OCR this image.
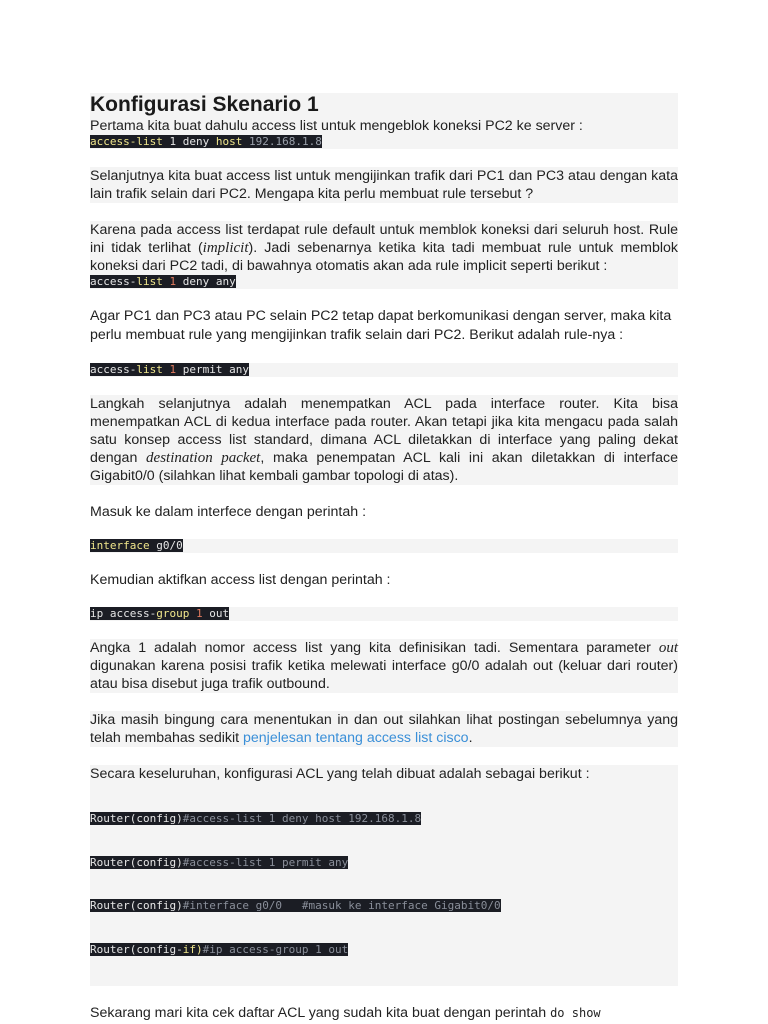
Konfigurasi Skenario 1

Pertama kita buat dahulu access list untuk mengeblok koneksi PC2 ke server :

access-list 1 deny host 192.168.1.8

Selanjutnya kita buat access list untuk mengijinkan trafik dari PC1 dan PC3 atau dengan kata lain trafik selain dari PC2. Mengapa kita perlu membuat rule tersebut ?

Karena pada access list terdapat rule default untuk memblok koneksi dari seluruh host. Rule ini tidak terlihat (implicit). Jadi sebenarnya ketika kita tadi membuat rule untuk memblok koneksi dari PC2 tadi, di bawahnya otomatis akan ada rule implicit seperti berikut :

access-list 1 deny any

Agar PC1 dan PC3 atau PC selain PC2 tetap dapat berkomunikasi dengan server, maka kita perlu membuat rule yang mengijinkan trafik selain dari PC2. Berikut adalah rule-nya :

access-list 1 permit any

Langkah selanjutnya adalah menempatkan ACL pada interface router. Kita bisa menempatkan ACL di kedua interface pada router. Akan tetapi jika kita mengacu pada salah satu konsep access list standard, dimana ACL diletakkan di interface yang paling dekat dengan destination packet, maka penempatan ACL kali ini akan diletakkan di interface Gigabit0/0 (silahkan lihat kembali gambar topologi di atas).

Masuk ke dalam interfece dengan perintah :

interface g0/0

Kemudian aktifkan access list dengan perintah :

ip access-group 1 out

Angka 1 adalah nomor access list yang kita definisikan tadi. Sementara parameter out digunakan karena posisi trafik ketika melewati interface g0/0 adalah out (keluar dari router) atau bisa disebut juga trafik outbound.

Jika masih bingung cara menentukan in dan out silahkan lihat postingan sebelumnya yang telah membahas sedikit penjelesan tentang access list cisco.

Secara keseluruhan, konfigurasi ACL yang telah dibuat adalah sebagai berikut :

Router(config)#access-list 1 deny host 192.168.1.8

Router(config)#access-list 1 permit any

Router(config)#interface g0/0   #masuk ke interface Gigabit0/0

Router(config-if)#ip access-group 1 out

Sekarang mari kita cek daftar ACL yang sudah kita buat dengan perintah do show
